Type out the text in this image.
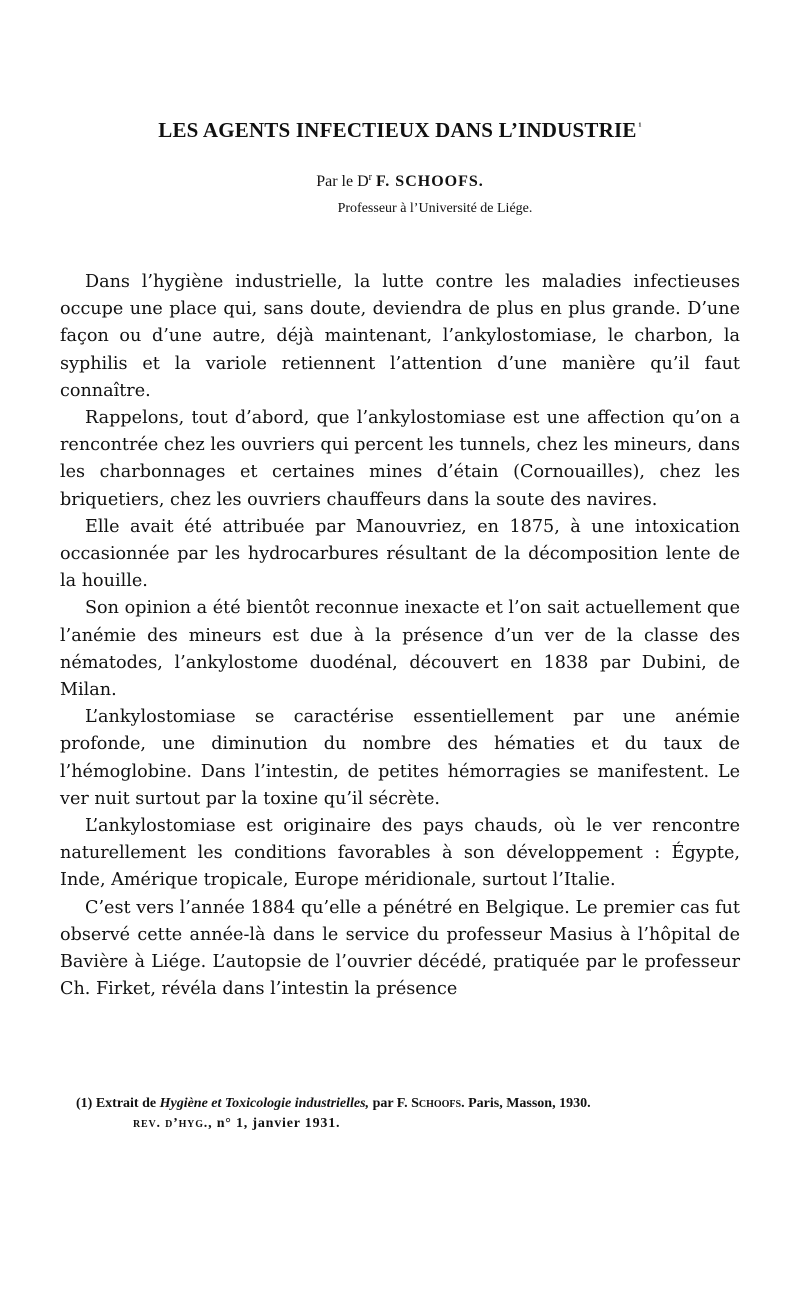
LES AGENTS INFECTIEUX DANS L’INDUSTRIE $^{^1}$
Par le $D^r$ F. SCHOOFS.
Professeur à l’Université de Liége.

Dans l’hygiène industrielle, la lutte contre les maladies infectieuses occupe une place qui, sans doute, deviendra de plus en plus grande. D’une façon ou d’une autre, déjà maintenant, l’ankylostomiase, le charbon, la syphilis et la variole retiennent l’attention d’une manière qu’il faut connaître.

Rappelons, tout d’abord, que l’ankylostomiase est une affection qu’on a rencontrée chez les ouvriers qui percent les tunnels, chez les mineurs, dans les charbonnages et certaines mines d’étain (Cornouailles), chez les briquetiers, chez les ouvriers chauffeurs dans la soute des navires.

Elle avait été attribuée par Manouvriez, en 1875, à une intoxication occasionnée par les hydrocarbures résultant de la décomposition lente de la houille.

Son opinion a été bientôt reconnue inexacte et l’on sait actuellement que l’anémie des mineurs est due à la présence d’un ver de la classe des nématodes, l’ankylostome duodénal, découvert en 1838 par Dubini, de Milan.

L’ankylostomiase se caractérise essentiellement par une anémie profonde, une diminution du nombre des hématies et du taux de l’hémoglobine. Dans l’intestin, de petites hémorragies se manifestent. Le ver nuit surtout par la toxine qu’il sécrète.

L’ankylostomiase est originaire des pays chauds, où le ver rencontre naturellement les conditions favorables à son développement : Égypte, Inde, Amérique tropicale, Europe méridionale, surtout l’Italie.

C’est vers l’année 1884 qu’elle a pénétré en Belgique. Le premier cas fut observé cette année-là dans le service du professeur Masius à l’hôpital de Bavière à Liége. L’autopsie de l’ouvrier décédé, pratiquée par le professeur Ch. Firket, révéla dans l’intestin la présence

(1) Extrait de Hygiène et Toxicologie industrielles, par F. Schoofs. Paris, Masson, 1930.
rev. d’hyg., n° 1, janvier 1931.
